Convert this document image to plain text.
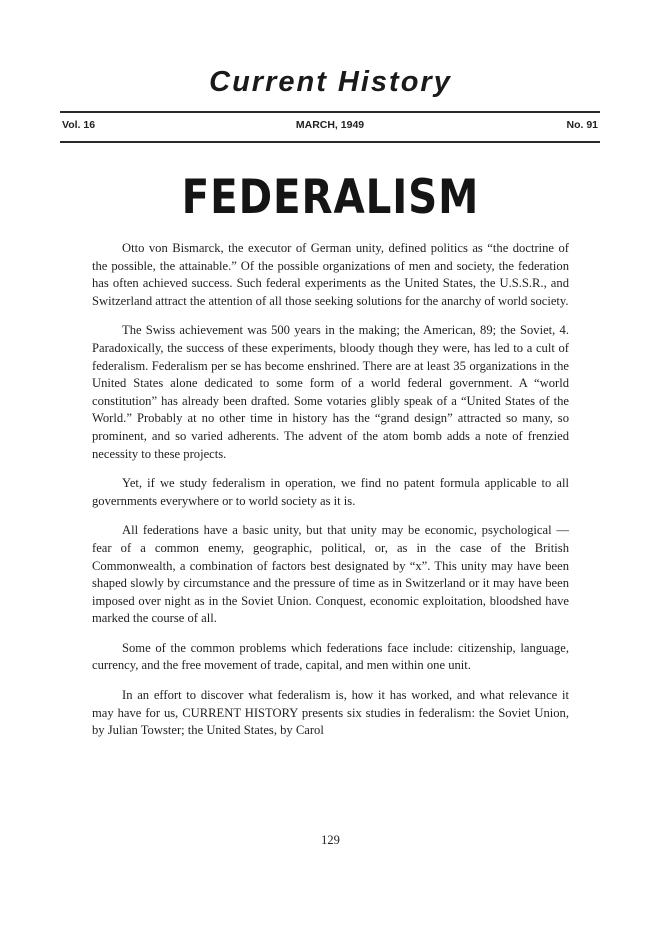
Current History
Vol. 16	MARCH, 1949	No. 91
FEDERALISM

Otto von Bismarck, the executor of German unity, defined politics as “the doctrine of the possible, the attainable.” Of the possible organizations of men and society, the federation has often achieved success. Such federal experiments as the United States, the U.S.S.R., and Switzerland attract the attention of all those seeking solutions for the anarchy of world society.

The Swiss achievement was 500 years in the making; the American, 89; the Soviet, 4. Paradoxically, the success of these experiments, bloody though they were, has led to a cult of federalism. Federalism per se has become enshrined. There are at least 35 organizations in the United States alone dedicated to some form of a world federal government. A “world constitution” has already been drafted. Some votaries glibly speak of a “United States of the World.” Probably at no other time in history has the “grand design” attracted so many, so prominent, and so varied adherents. The advent of the atom bomb adds a note of frenzied necessity to these projects.

Yet, if we study federalism in operation, we find no patent formula applicable to all governments everywhere or to world society as it is.

All federations have a basic unity, but that unity may be economic, psychological — fear of a common enemy, geographic, political, or, as in the case of the British Commonwealth, a combination of factors best designated by “x”. This unity may have been shaped slowly by circumstance and the pressure of time as in Switzerland or it may have been imposed over night as in the Soviet Union. Conquest, economic exploitation, bloodshed have marked the course of all.

Some of the common problems which federations face include: citizenship, language, currency, and the free movement of trade, capital, and men within one unit.

In an effort to discover what federalism is, how it has worked, and what relevance it may have for us, CURRENT HISTORY presents six studies in federalism: the Soviet Union, by Julian Towster; the United States, by Carol

129
